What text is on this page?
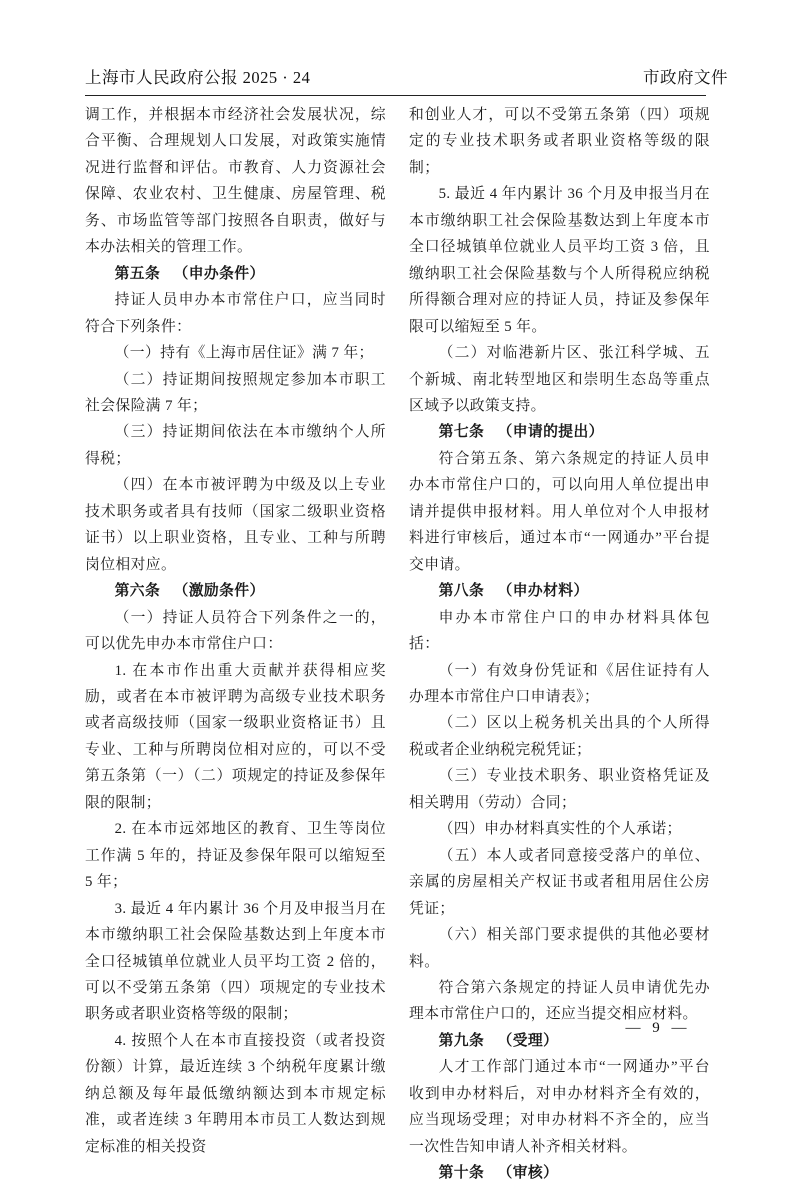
上海市人民政府公报 2025 · 24	市政府文件

调工作，并根据本市经济社会发展状况，综合平衡、合理规划人口发展，对政策实施情况进行监督和评估。市教育、人力资源社会保障、农业农村、卫生健康、房屋管理、税务、市场监管等部门按照各自职责，做好与本办法相关的管理工作。

第五条 （申办条件）

持证人员申办本市常住户口，应当同时符合下列条件：

（一）持有《上海市居住证》满 7 年；

（二）持证期间按照规定参加本市职工社会保险满 7 年；

（三）持证期间依法在本市缴纳个人所得税；

（四）在本市被评聘为中级及以上专业技术职务或者具有技师（国家二级职业资格证书）以上职业资格，且专业、工种与所聘岗位相对应。

第六条 （激励条件）

（一）持证人员符合下列条件之一的，可以优先申办本市常住户口：

1. 在本市作出重大贡献并获得相应奖励，或者在本市被评聘为高级专业技术职务或者高级技师（国家一级职业资格证书）且专业、工种与所聘岗位相对应的，可以不受第五条第（一）（二）项规定的持证及参保年限的限制；

2. 在本市远郊地区的教育、卫生等岗位工作满 5 年的，持证及参保年限可以缩短至 5 年；

3. 最近 4 年内累计 36 个月及申报当月在本市缴纳职工社会保险基数达到上年度本市全口径城镇单位就业人员平均工资 2 倍的，可以不受第五条第（四）项规定的专业技术职务或者职业资格等级的限制；

4. 按照个人在本市直接投资（或者投资份额）计算，最近连续 3 个纳税年度累计缴纳总额及每年最低缴纳额达到本市规定标准，或者连续 3 年聘用本市员工人数达到规定标准的相关投资

和创业人才，可以不受第五条第（四）项规定的专业技术职务或者职业资格等级的限制；

5. 最近 4 年内累计 36 个月及申报当月在本市缴纳职工社会保险基数达到上年度本市全口径城镇单位就业人员平均工资 3 倍，且缴纳职工社会保险基数与个人所得税应纳税所得额合理对应的持证人员，持证及参保年限可以缩短至 5 年。

（二）对临港新片区、张江科学城、五个新城、南北转型地区和崇明生态岛等重点区域予以政策支持。

第七条 （申请的提出）

符合第五条、第六条规定的持证人员申办本市常住户口的，可以向用人单位提出申请并提供申报材料。用人单位对个人申报材料进行审核后，通过本市“一网通办”平台提交申请。

第八条 （申办材料）

申办本市常住户口的申办材料具体包括：

（一）有效身份凭证和《居住证持有人办理本市常住户口申请表》；

（二）区以上税务机关出具的个人所得税或者企业纳税完税凭证；

（三）专业技术职务、职业资格凭证及相关聘用（劳动）合同；

（四）申办材料真实性的个人承诺；

（五）本人或者同意接受落户的单位、亲属的房屋相关产权证书或者租用居住公房凭证；

（六）相关部门要求提供的其他必要材料。

符合第六条规定的持证人员申请优先办理本市常住户口的，还应当提交相应材料。

第九条 （受理）

人才工作部门通过本市“一网通办”平台收到申办材料后，对申办材料齐全有效的，应当现场受理；对申办材料不齐全的，应当一次性告知申请人补齐相关材料。

第十条 （审核）

— 9 —
